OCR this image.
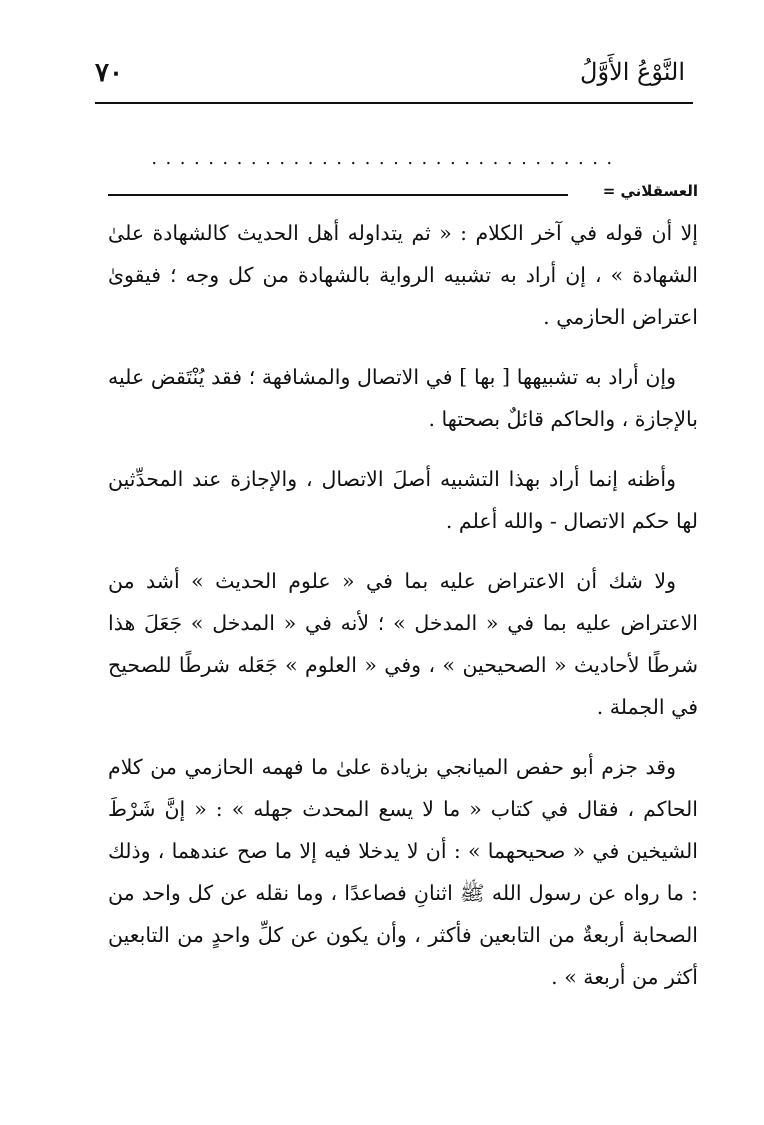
٧٠	النَّوْعُ الأَوَّلُ
.................................
العسقلاني =

إلا أن قوله في آخر الكلام : « ثم يتداوله أهل الحديث كالشهادة علىٰ الشهادة » ، إن أراد به تشبيه الرواية بالشهادة من كل وجه ؛ فيقوىٰ اعتراض الحازمي .

وإن أراد به تشبيهها [ بها ] في الاتصال والمشافهة ؛ فقد يُنْتَقض عليه بالإجازة ، والحاكم قائلٌ بصحتها .

وأظنه إنما أراد بهذا التشبيه أصلَ الاتصال ، والإجازة عند المحدِّثين لها حكم الاتصال - والله أعلم .

ولا شك أن الاعتراض عليه بما في « علوم الحديث » أشد من الاعتراض عليه بما في « المدخل » ؛ لأنه في « المدخل » جَعَلَ هذا شرطًا لأحاديث « الصحيحين » ، وفي « العلوم » جَعَله شرطًا للصحيح في الجملة .

وقد جزم أبو حفص الميانجي بزيادة علىٰ ما فهمه الحازمي من كلام الحاكم ، فقال في كتاب « ما لا يسع المحدث جهله » : « إنَّ شَرْطَ الشيخين في « صحيحهما » : أن لا يدخلا فيه إلا ما صح عندهما ، وذلك : ما رواه عن رسول الله ﷺ اثنانِ فصاعدًا ، وما نقله عن كل واحد من الصحابة أربعةٌ من التابعين فأكثر ، وأن يكون عن كلِّ واحدٍ من التابعين أكثر من أربعة » .
